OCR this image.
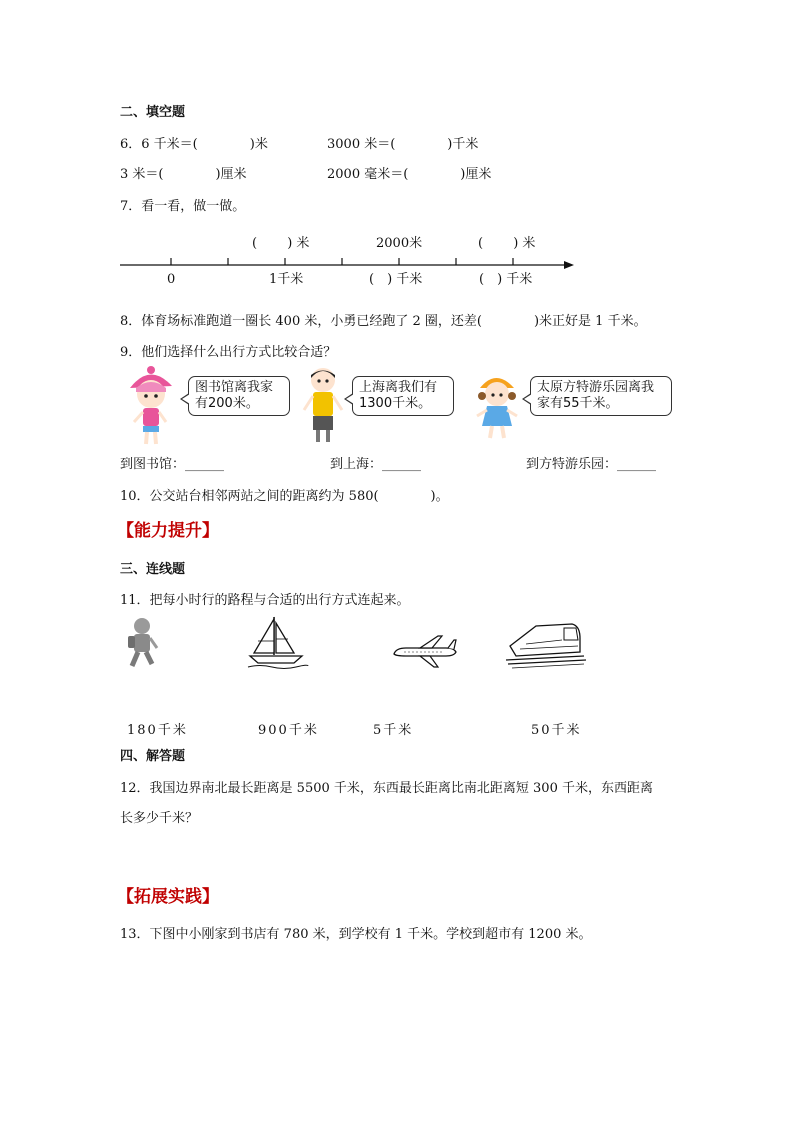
二、填空题
6．6 千米＝(　　　　)米	3000 米＝(　　　　)千米
3 米＝(　　　　)厘米	2000 毫米＝(　　　　)厘米
7．看一看，做一做。
(　　 ) 米	2000米	(　　 ) 米
0	1千米	(　) 千米	(　) 千米
8．体育场标准跑道一圈长 400 米，小勇已经跑了 2 圈，还差(　　　　)米正好是 1 千米。
9．他们选择什么出行方式比较合适？
图书馆离我家
有200米。
上海离我们有
1300千米。
太原方特游乐园离我
家有55千米。
到图书馆：______	到上海：______	到方特游乐园：______
10．公交站台相邻两站之间的距离约为 580(　　　　)。
【能力提升】
三、连线题
11．把每小时行的路程与合适的出行方式连起来。
180千米	900千米	5千米	50千米
四、解答题
12．我国边界南北最长距离是 5500 千米，东西最长距离比南北距离短 300 千米，东西距离
长多少千米？
【拓展实践】
13．下图中小刚家到书店有 780 米，到学校有 1 千米。学校到超市有 1200 米。
